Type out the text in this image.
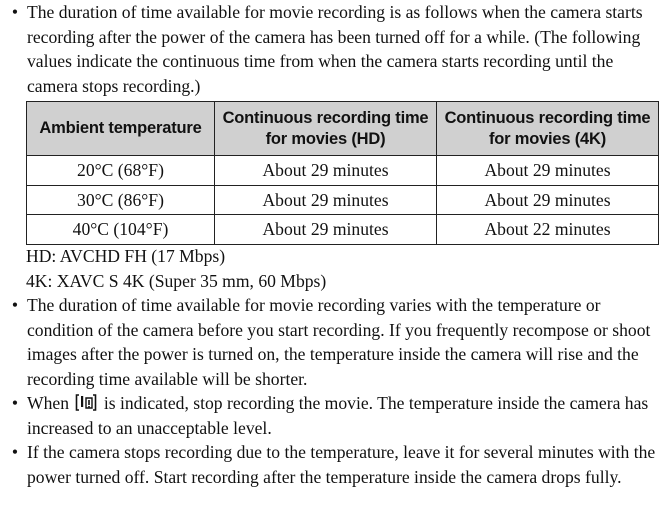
• The duration of time available for movie recording is as follows when the camera starts recording after the power of the camera has been turned off for a while. (The following values indicate the continuous time from when the camera starts recording until the camera stops recording.)
Ambient temperature	Continuous recording time for movies (HD)	Continuous recording time for movies (4K)
20°C (68°F)	About 29 minutes	About 29 minutes
30°C (86°F)	About 29 minutes	About 29 minutes
40°C (104°F)	About 29 minutes	About 22 minutes
HD: AVCHD FH (17 Mbps)
4K: XAVC S 4K (Super 35 mm, 60 Mbps)
• The duration of time available for movie recording varies with the temperature or condition of the camera before you start recording. If you frequently recompose or shoot images after the power is turned on, the temperature inside the camera will rise and the recording time available will be shorter.
• When is indicated, stop recording the movie. The temperature inside the camera has increased to an unacceptable level.
• If the camera stops recording due to the temperature, leave it for several minutes with the power turned off. Start recording after the temperature inside the camera drops fully.
